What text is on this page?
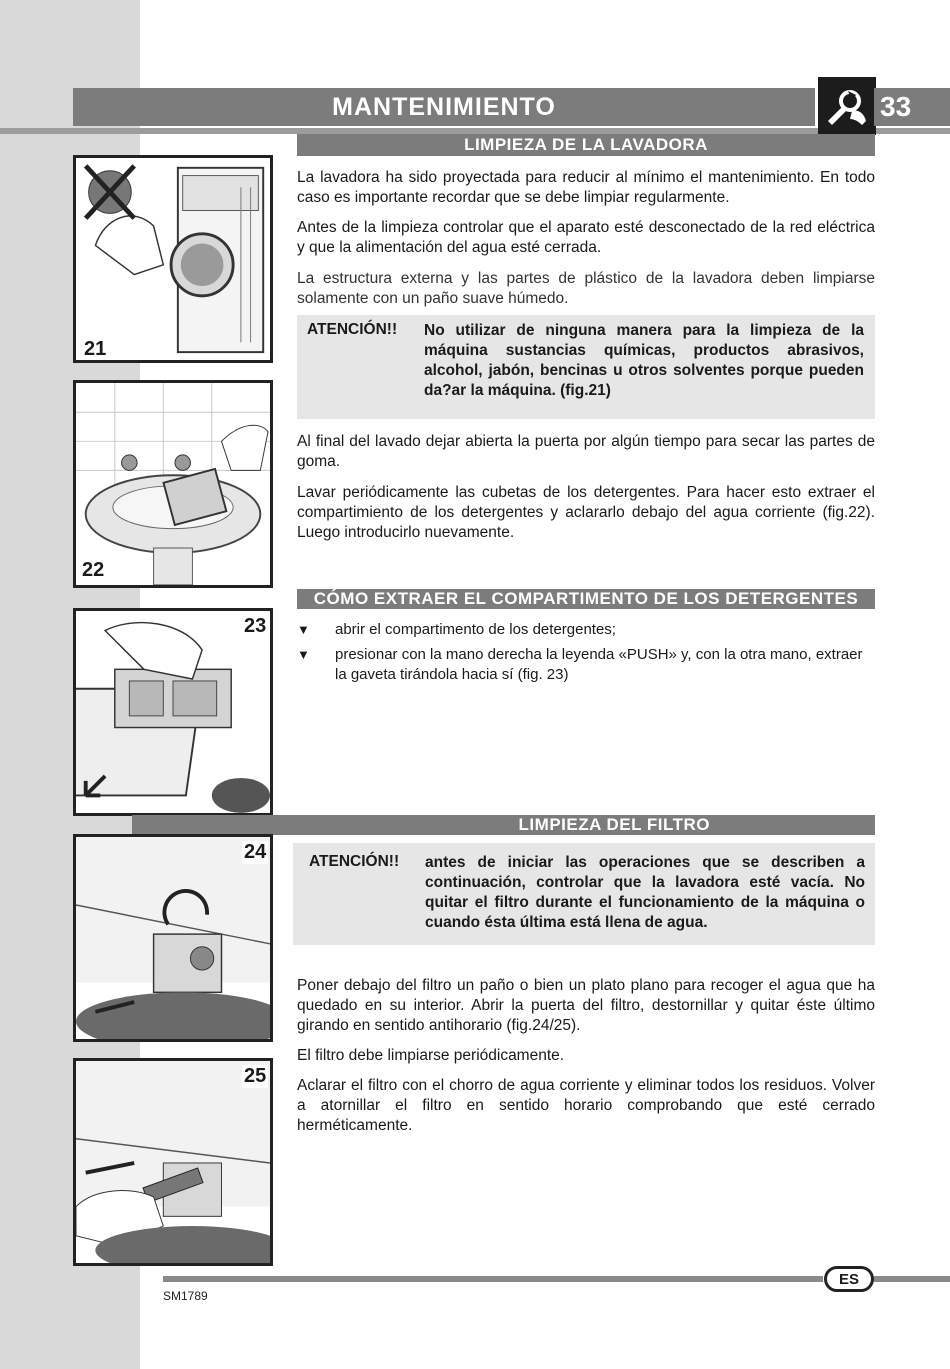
MANTENIMIENTO	33
LIMPIEZA DE LA LAVADORA
21

La lavadora ha sido proyectada para reducir al mínimo el mantenimiento. En todo caso es importante recordar que se debe limpiar regularmente.

Antes de la limpieza controlar que el aparato esté desconectado de la red eléctrica y que la alimentación del agua esté cerrada.

La estructura externa y las partes de plástico de la lavadora deben limpiarse solamente con un paño suave húmedo.

ATENCIÓN!! No utilizar de ninguna manera para la limpieza de la máquina sustancias químicas, productos abrasivos, alcohol, jabón, bencinas u otros solventes porque pueden da?ar la máquina. (fig.21)

22

Al final del lavado dejar abierta la puerta por algún tiempo para secar las partes de goma.

Lavar periódicamente las cubetas de los detergentes. Para hacer esto extraer el compartimiento de los detergentes y aclararlo debajo del agua corriente (fig.22). Luego introducirlo nuevamente.

CÓMO EXTRAER EL COMPARTIMENTO DE LOS DETERGENTES
23 ▼ abrir el compartimento de los detergentes;

▼ presionar con la mano derecha la leyenda «PUSH» y, con la otra mano, extraer la gaveta tirándola hacia sí (fig. 23)

LIMPIEZA DEL FILTRO
24	ATENCIÓN!! antes de iniciar las operaciones que se describen a continuación, controlar que la lavadora esté vacía. No quitar el filtro durante el funcionamiento de la máquina o cuando ésta última está llena de agua.

Poner debajo del filtro un paño o bien un plato plano para recoger el agua que ha quedado en su interior. Abrir la puerta del filtro, destornillar y quitar éste último girando en sentido antihorario (fig.24/25).

El filtro debe limpiarse periódicamente.

Aclarar el filtro con el chorro de agua corriente y eliminar todos los residuos. Volver a atornillar el filtro en sentido horario comprobando que esté cerrado herméticamente.

25
ES
SM1789
